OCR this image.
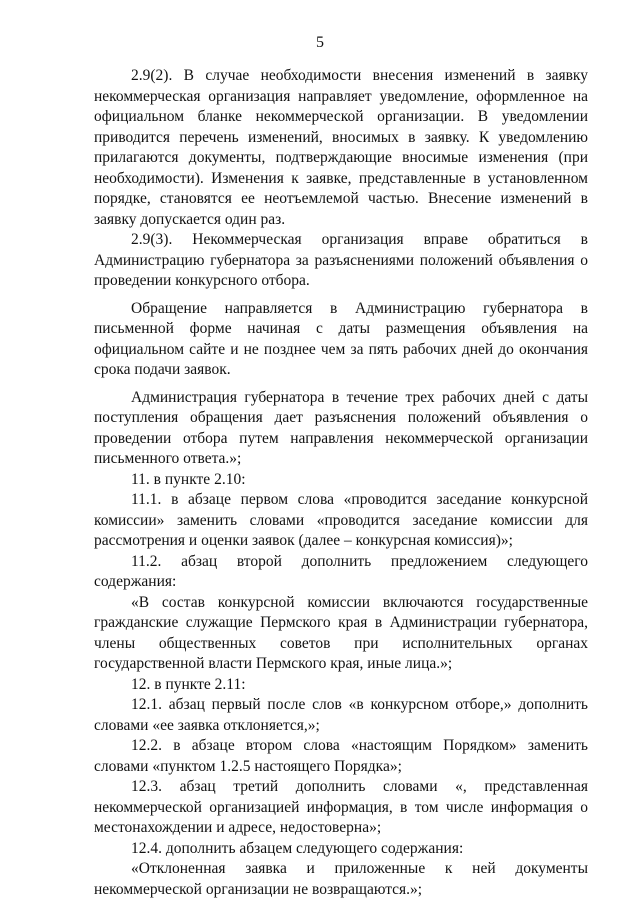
5

2.9(2). В случае необходимости внесения изменений в заявку некоммерческая организация направляет уведомление, оформленное на официальном бланке некоммерческой организации. В уведомлении приводится перечень изменений, вносимых в заявку. К уведомлению прилагаются документы, подтверждающие вносимые изменения (при необходимости). Изменения к заявке, представленные в установленном порядке, становятся ее неотъемлемой частью. Внесение изменений в заявку допускается один раз.

2.9(3). Некоммерческая организация вправе обратиться в Администрацию губернатора за разъяснениями положений объявления о проведении конкурсного отбора.

Обращение направляется в Администрацию губернатора в письменной форме начиная с даты размещения объявления на официальном сайте и не позднее чем за пять рабочих дней до окончания срока подачи заявок.

Администрация губернатора в течение трех рабочих дней с даты поступления обращения дает разъяснения положений объявления о проведении отбора путем направления некоммерческой организации письменного ответа.»;

11. в пункте 2.10:

11.1. в абзаце первом слова «проводится заседание конкурсной комиссии» заменить словами «проводится заседание комиссии для рассмотрения и оценки заявок (далее – конкурсная комиссия)»;

11.2. абзац второй дополнить предложением следующего содержания:

«В состав конкурсной комиссии включаются государственные гражданские служащие Пермского края в Администрации губернатора, члены общественных советов при исполнительных органах государственной власти Пермского края, иные лица.»;

12. в пункте 2.11:

12.1. абзац первый после слов «в конкурсном отборе,» дополнить словами «ее заявка отклоняется,»;

12.2. в абзаце втором слова «настоящим Порядком» заменить словами «пунктом 1.2.5 настоящего Порядка»;

12.3. абзац третий дополнить словами «, представленная некоммерческой организацией информация, в том числе информация о местонахождении и адресе, недостоверна»;

12.4. дополнить абзацем следующего содержания:

«Отклоненная заявка и приложенные к ней документы некоммерческой организации не возвращаются.»;
